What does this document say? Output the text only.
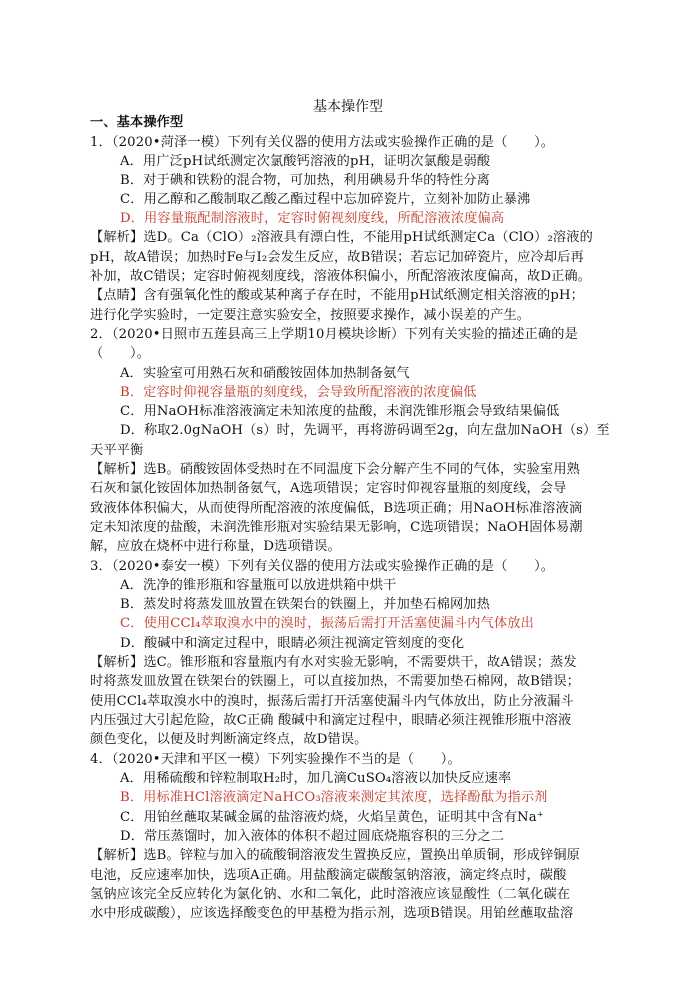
基本操作型
一、基本操作型
1．（2020•菏泽一模）下列有关仪器的使用方法或实验操作正确的是（　　）。
A．用广泛pH试纸测定次氯酸钙溶液的pH，证明次氯酸是弱酸
B．对于碘和铁粉的混合物，可加热，利用碘易升华的特性分离
C．用乙醇和乙酸制取乙酸乙酯过程中忘加碎瓷片，立刻补加防止暴沸
D．用容量瓶配制溶液时，定容时俯视刻度线，所配溶液浓度偏高
【解析】选D。Ca（ClO）₂溶液具有漂白性，不能用pH试纸测定Ca（ClO）₂溶液的
pH，故A错误；加热时Fe与I₂会发生反应，故B错误；若忘记加碎瓷片，应冷却后再
补加，故C错误；定容时俯视刻度线，溶液体积偏小，所配溶液浓度偏高，故D正确。
【点睛】含有强氧化性的酸或某种离子存在时，不能用pH试纸测定相关溶液的pH；
进行化学实验时，一定要注意实验安全，按照要求操作，减小误差的产生。
2．（2020•日照市五莲县高三上学期10月模块诊断）下列有关实验的描述正确的是
（　　）。
A．实验室可用熟石灰和硝酸铵固体加热制备氨气
B．定容时仰视容量瓶的刻度线，会导致所配溶液的浓度偏低
C．用NaOH标准溶液滴定未知浓度的盐酸，未润洗锥形瓶会导致结果偏低
D．称取2.0gNaOH（s）时，先调平，再将游码调至2g，向左盘加NaOH（s）至
天平平衡
【解析】选B。硝酸铵固体受热时在不同温度下会分解产生不同的气体，实验室用熟
石灰和氯化铵固体加热制备氨气，A选项错误；定容时仰视容量瓶的刻度线，会导
致液体体积偏大，从而使得所配溶液的浓度偏低，B选项正确；用NaOH标准溶液滴
定未知浓度的盐酸，未润洗锥形瓶对实验结果无影响，C选项错误；NaOH固体易潮
解，应放在烧杯中进行称量，D选项错误。
3．（2020•泰安一模）下列有关仪器的使用方法或实验操作正确的是（　　）。
A．洗净的锥形瓶和容量瓶可以放进烘箱中烘干
B．蒸发时将蒸发皿放置在铁架台的铁圈上，并加垫石棉网加热
C．使用CCl₄萃取溴水中的溴时，振荡后需打开活塞使漏斗内气体放出
D．酸碱中和滴定过程中，眼睛必须注视滴定管刻度的变化
【解析】选C。锥形瓶和容量瓶内有水对实验无影响，不需要烘干，故A错误；蒸发
时将蒸发皿放置在铁架台的铁圈上，可以直接加热，不需要加垫石棉网，故B错误；
使用CCl₄萃取溴水中的溴时，振荡后需打开活塞使漏斗内气体放出，防止分液漏斗
内压强过大引起危险，故C正确 酸碱中和滴定过程中，眼睛必须注视锥形瓶中溶液
颜色变化，以便及时判断滴定终点，故D错误。
4．（2020•天津和平区一模）下列实验操作不当的是（　　）。
A．用稀硫酸和锌粒制取H₂时，加几滴CuSO₄溶液以加快反应速率
B．用标准HCl溶液滴定NaHCO₃溶液来测定其浓度，选择酚酞为指示剂
C．用铂丝蘸取某碱金属的盐溶液灼烧，火焰呈黄色，证明其中含有Na⁺
D．常压蒸馏时，加入液体的体积不超过圆底烧瓶容积的三分之二
【解析】选B。锌粒与加入的硫酸铜溶液发生置换反应，置换出单质铜，形成锌铜原
电池，反应速率加快，选项A正确。用盐酸滴定碳酸氢钠溶液，滴定终点时，碳酸
氢钠应该完全反应转化为氯化钠、水和二氧化，此时溶液应该显酸性（二氧化碳在
水中形成碳酸），应该选择酸变色的甲基橙为指示剂，选项B错误。用铂丝蘸取盐溶
